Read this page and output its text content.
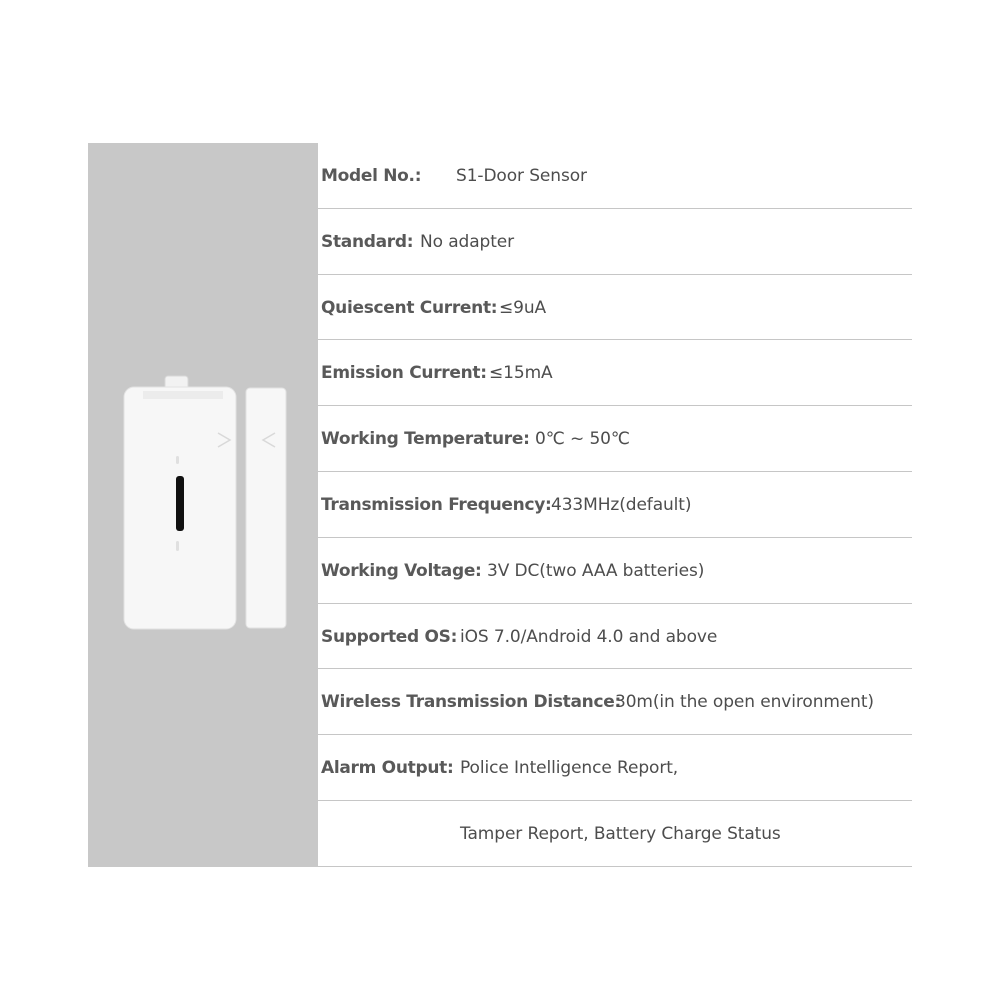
Model No.: S1-Door Sensor
Standard: No adapter
Quiescent Current: ≤9uA
Emission Current: ≤15mA
Working Temperature: 0℃ ~ 50℃
Transmission Frequency: 433MHz(default)
Working Voltage: 3V DC(two AAA batteries)
Supported OS: iOS 7.0/Android 4.0 and above
Wireless Transmission Distance:
30m(in the open environment)
Alarm Output: Police Intelligence Report,
Tamper Report, Battery Charge Status
